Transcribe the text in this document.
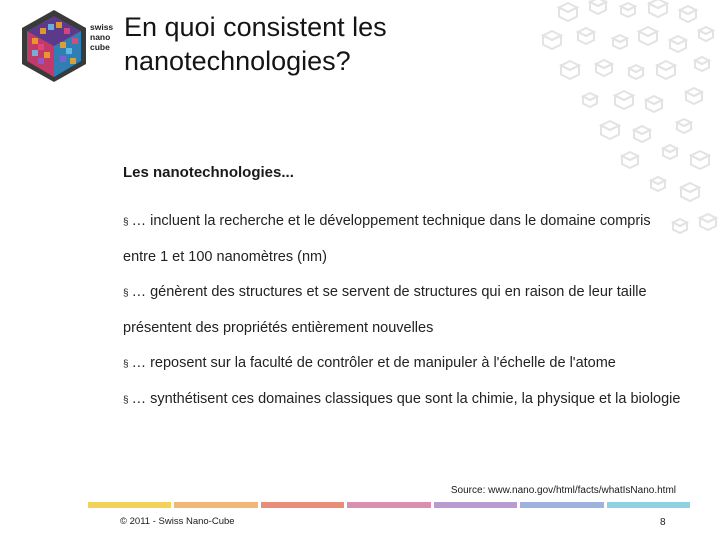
swiss
nano
cube
En quoi consistent les nanotechnologies?
Les nanotechnologies...
§ … incluent la recherche et le développement technique dans le domaine compris entre 1 et 100 nanomètres (nm)
§ … génèrent des structures et se servent de structures qui en raison de leur taille présentent des propriétés entièrement nouvelles
§ … reposent sur la faculté de contrôler et de manipuler à l'échelle de l'atome
§ … synthétisent ces domaines classiques que sont la chimie, la physique et la biologie
Source: www.nano.gov/html/facts/whatIsNano.html
© 2011 - Swiss Nano-Cube	8
